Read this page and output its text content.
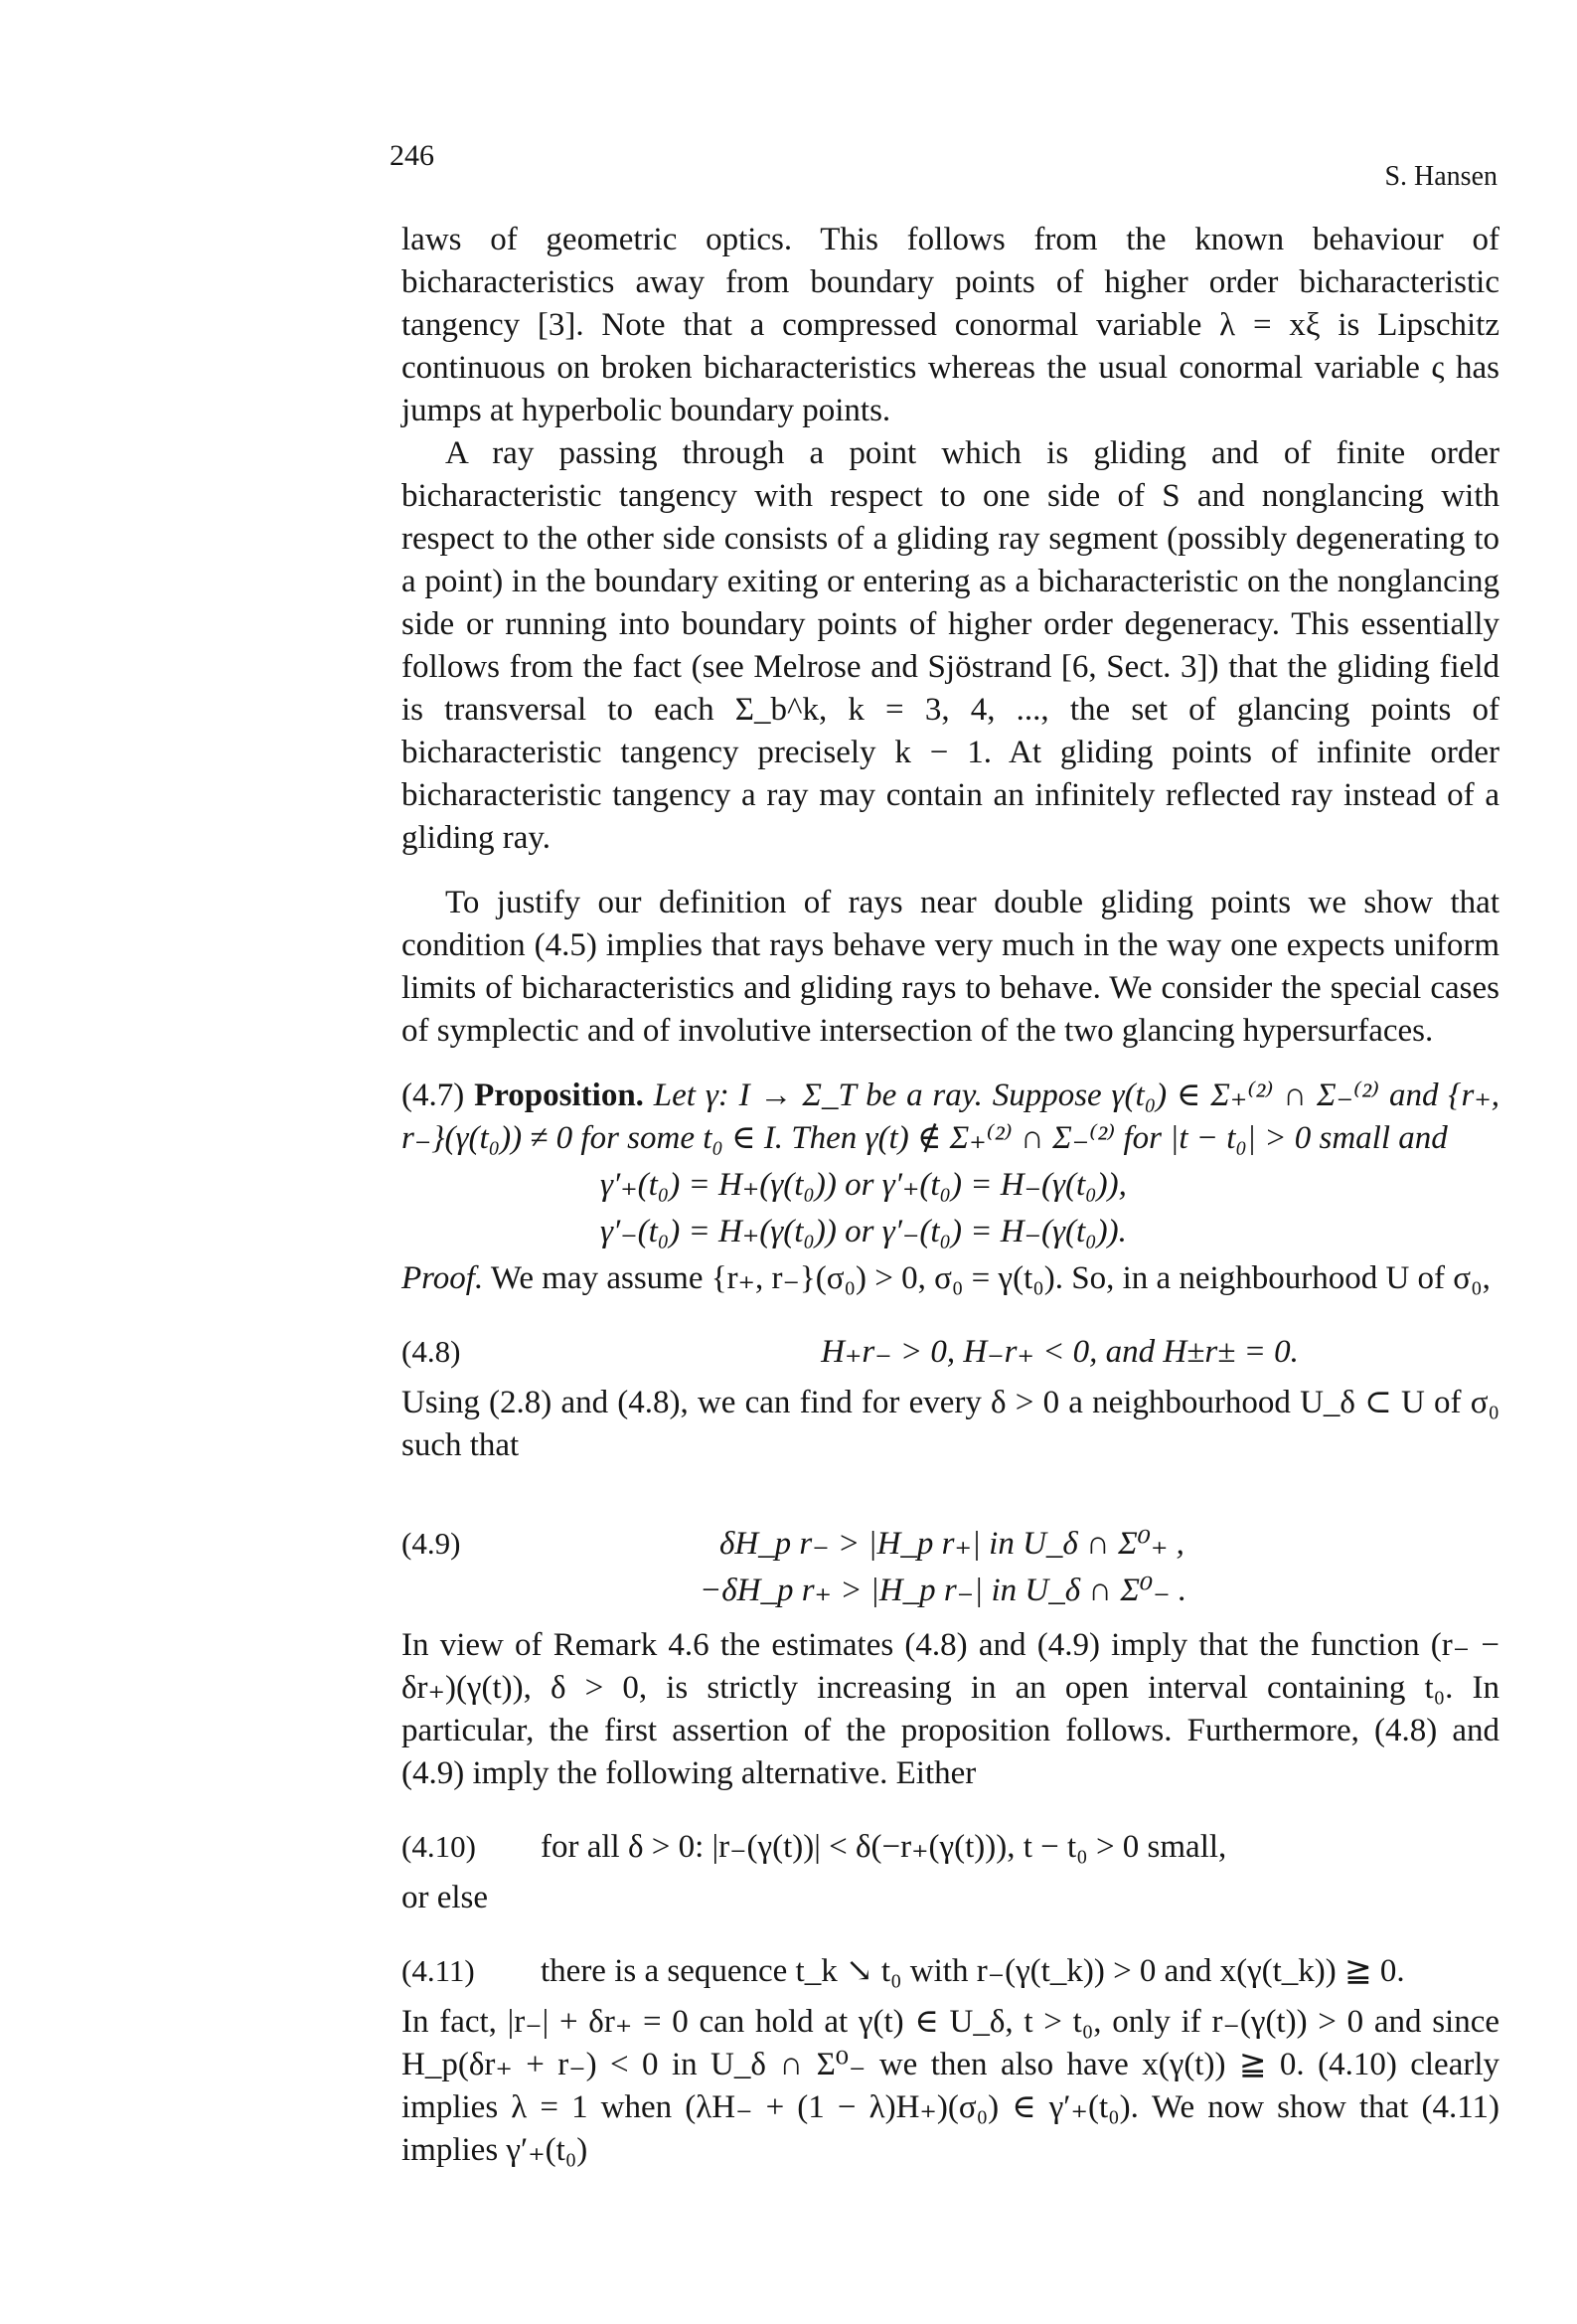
246
S. Hansen

laws of geometric optics. This follows from the known behaviour of bicharacteristics away from boundary points of higher order bicharacteristic tangency [3]. Note that a compressed conormal variable λ = xξ is Lipschitz continuous on broken bicharacteristics whereas the usual conormal variable ς has jumps at hyperbolic boundary points.

A ray passing through a point which is gliding and of finite order bicharacteristic tangency with respect to one side of S and nonglancing with respect to the other side consists of a gliding ray segment (possibly degenerating to a point) in the boundary exiting or entering as a bicharacteristic on the nonglancing side or running into boundary points of higher order degeneracy. This essentially follows from the fact (see Melrose and Sjöstrand [6, Sect. 3]) that the gliding field is transversal to each Σ_b^k, k = 3, 4, ..., the set of glancing points of bicharacteristic tangency precisely k − 1. At gliding points of infinite order bicharacteristic tangency a ray may contain an infinitely reflected ray instead of a gliding ray.

To justify our definition of rays near double gliding points we show that condition (4.5) implies that rays behave very much in the way one expects uniform limits of bicharacteristics and gliding rays to behave. We consider the special cases of symplectic and of involutive intersection of the two glancing hypersurfaces.

(4.7) Proposition. Let γ: I → Σ_T be a ray. Suppose γ(t₀) ∈ Σ₊⁽²⁾ ∩ Σ₋⁽²⁾ and {r₊, r₋}(γ(t₀)) ≠ 0 for some t₀ ∈ I. Then γ(t) ∉ Σ₊⁽²⁾ ∩ Σ₋⁽²⁾ for |t − t₀| > 0 small and

γ′₊(t₀) = H₊(γ(t₀)) or γ′₊(t₀) = H₋(γ(t₀)),
γ′₋(t₀) = H₊(γ(t₀)) or γ′₋(t₀) = H₋(γ(t₀)).

Proof. We may assume {r₊, r₋}(σ₀) > 0, σ₀ = γ(t₀). So, in a neighbourhood U of σ₀,

(4.8)	H₊r₋ > 0, H₋r₊ < 0, and H±r± = 0.

Using (2.8) and (4.8), we can find for every δ > 0 a neighbourhood U_δ ⊂ U of σ₀ such that

(4.9)	δH_p r₋ > |H_p r₊| in U_δ ∩ Σ⁰₊ ,
−δH_p r₊ > |H_p r₋| in U_δ ∩ Σ⁰₋ .

In view of Remark 4.6 the estimates (4.8) and (4.9) imply that the function (r₋ − δr₊)(γ(t)), δ > 0, is strictly increasing in an open interval containing t₀. In particular, the first assertion of the proposition follows. Furthermore, (4.8) and (4.9) imply the following alternative. Either

(4.10)	for all δ > 0: |r₋(γ(t))| < δ(−r₊(γ(t))), t − t₀ > 0 small,

or else

(4.11)	there is a sequence t_k ↘ t₀ with r₋(γ(t_k)) > 0 and x(γ(t_k)) ≧ 0.

In fact, |r₋| + δr₊ = 0 can hold at γ(t) ∈ U_δ, t > t₀, only if r₋(γ(t)) > 0 and since H_p(δr₊ + r₋) < 0 in U_δ ∩ Σ⁰₋ we then also have x(γ(t)) ≧ 0. (4.10) clearly implies λ = 1 when (λH₋ + (1 − λ)H₊)(σ₀) ∈ γ′₊(t₀). We now show that (4.11) implies γ′₊(t₀)
